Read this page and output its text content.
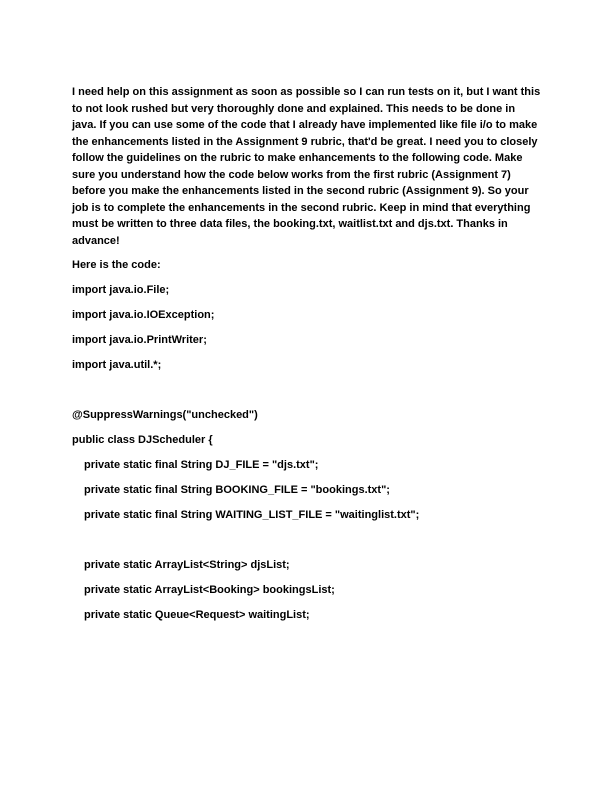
I need help on this assignment as soon as possible so I can run tests on it, but I want this to not look rushed but very thoroughly done and explained. This needs to be done in java. If you can use some of the code that I already have implemented like file i/o to make the enhancements listed in the Assignment 9 rubric, that'd be great. I need you to closely follow the guidelines on the rubric to make enhancements to the following code. Make sure you understand how the code below works from the first rubric (Assignment 7) before you make the enhancements listed in the second rubric (Assignment 9). So your job is to complete the enhancements in the second rubric. Keep in mind that everything must be written to three data files, the booking.txt, waitlist.txt and djs.txt. Thanks in advance!

Here is the code:

import java.io.File;

import java.io.IOException;

import java.io.PrintWriter;

import java.util.*;

@SuppressWarnings("unchecked")

public class DJScheduler {

private static final String DJ_FILE = "djs.txt";

private static final String BOOKING_FILE = "bookings.txt";

private static final String WAITING_LIST_FILE = "waitinglist.txt";

private static ArrayList<String> djsList;

private static ArrayList<Booking> bookingsList;

private static Queue<Request> waitingList;
